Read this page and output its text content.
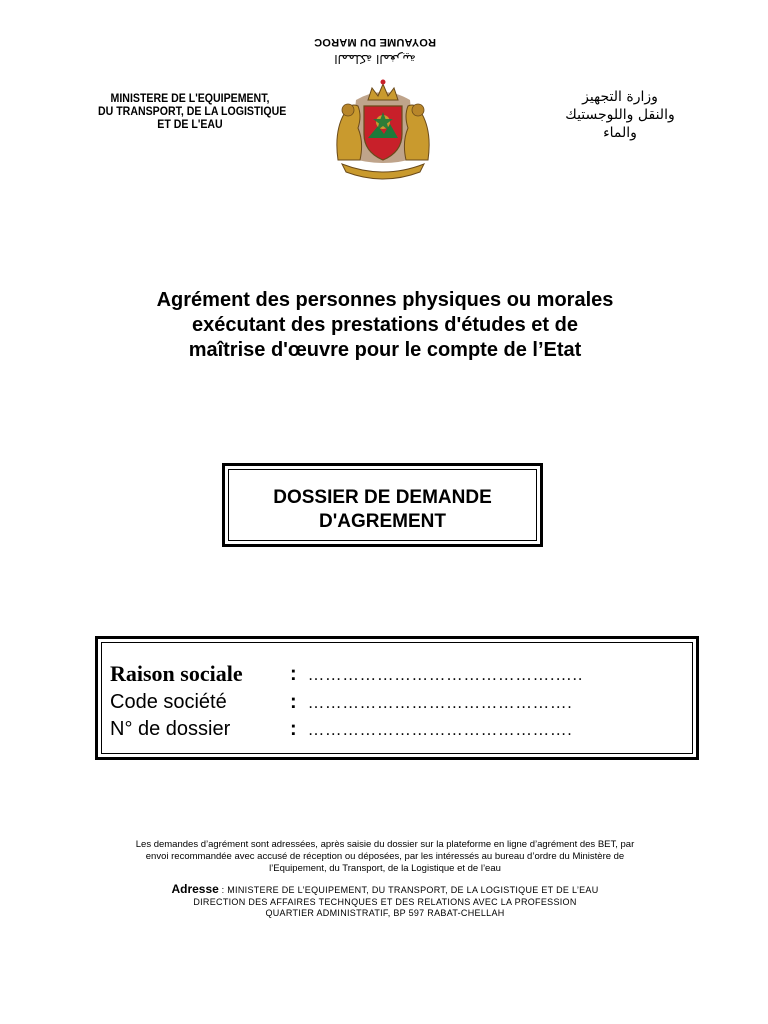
ROYAUME DU MAROC
المملكة المغربية
MINISTERE DE L'EQUIPEMENT,
DU TRANSPORT, DE LA LOGISTIQUE
ET DE L'EAU
وزارة التجهيز
والنقل واللوجستيك
والماء
Agrément des personnes physiques ou morales
exécutant des prestations d'études et de
maîtrise d'œuvre pour le compte de l’Etat
DOSSIER DE DEMANDE
D'AGREMENT
Raison sociale : …………………………………….…..
Code société	: ……………………………………….
N° de dossier	: ……………………………………….
Les demandes d’agrément sont adressées, après saisie du dossier sur la plateforme en ligne d’agrément des BET, par
envoi recommandée avec accusé de réception ou déposées, par les intéressés au bureau d’ordre du Ministère de
l’Equipement, du Transport, de la Logistique et de l’eau
Adresse : MINISTERE DE L’EQUIPEMENT, DU TRANSPORT, DE LA LOGISTIQUE ET DE L’EAU
DIRECTION DES AFFAIRES TECHNQUES ET DES RELATIONS AVEC LA PROFESSION
QUARTIER ADMINISTRATIF, BP 597 RABAT-CHELLAH
